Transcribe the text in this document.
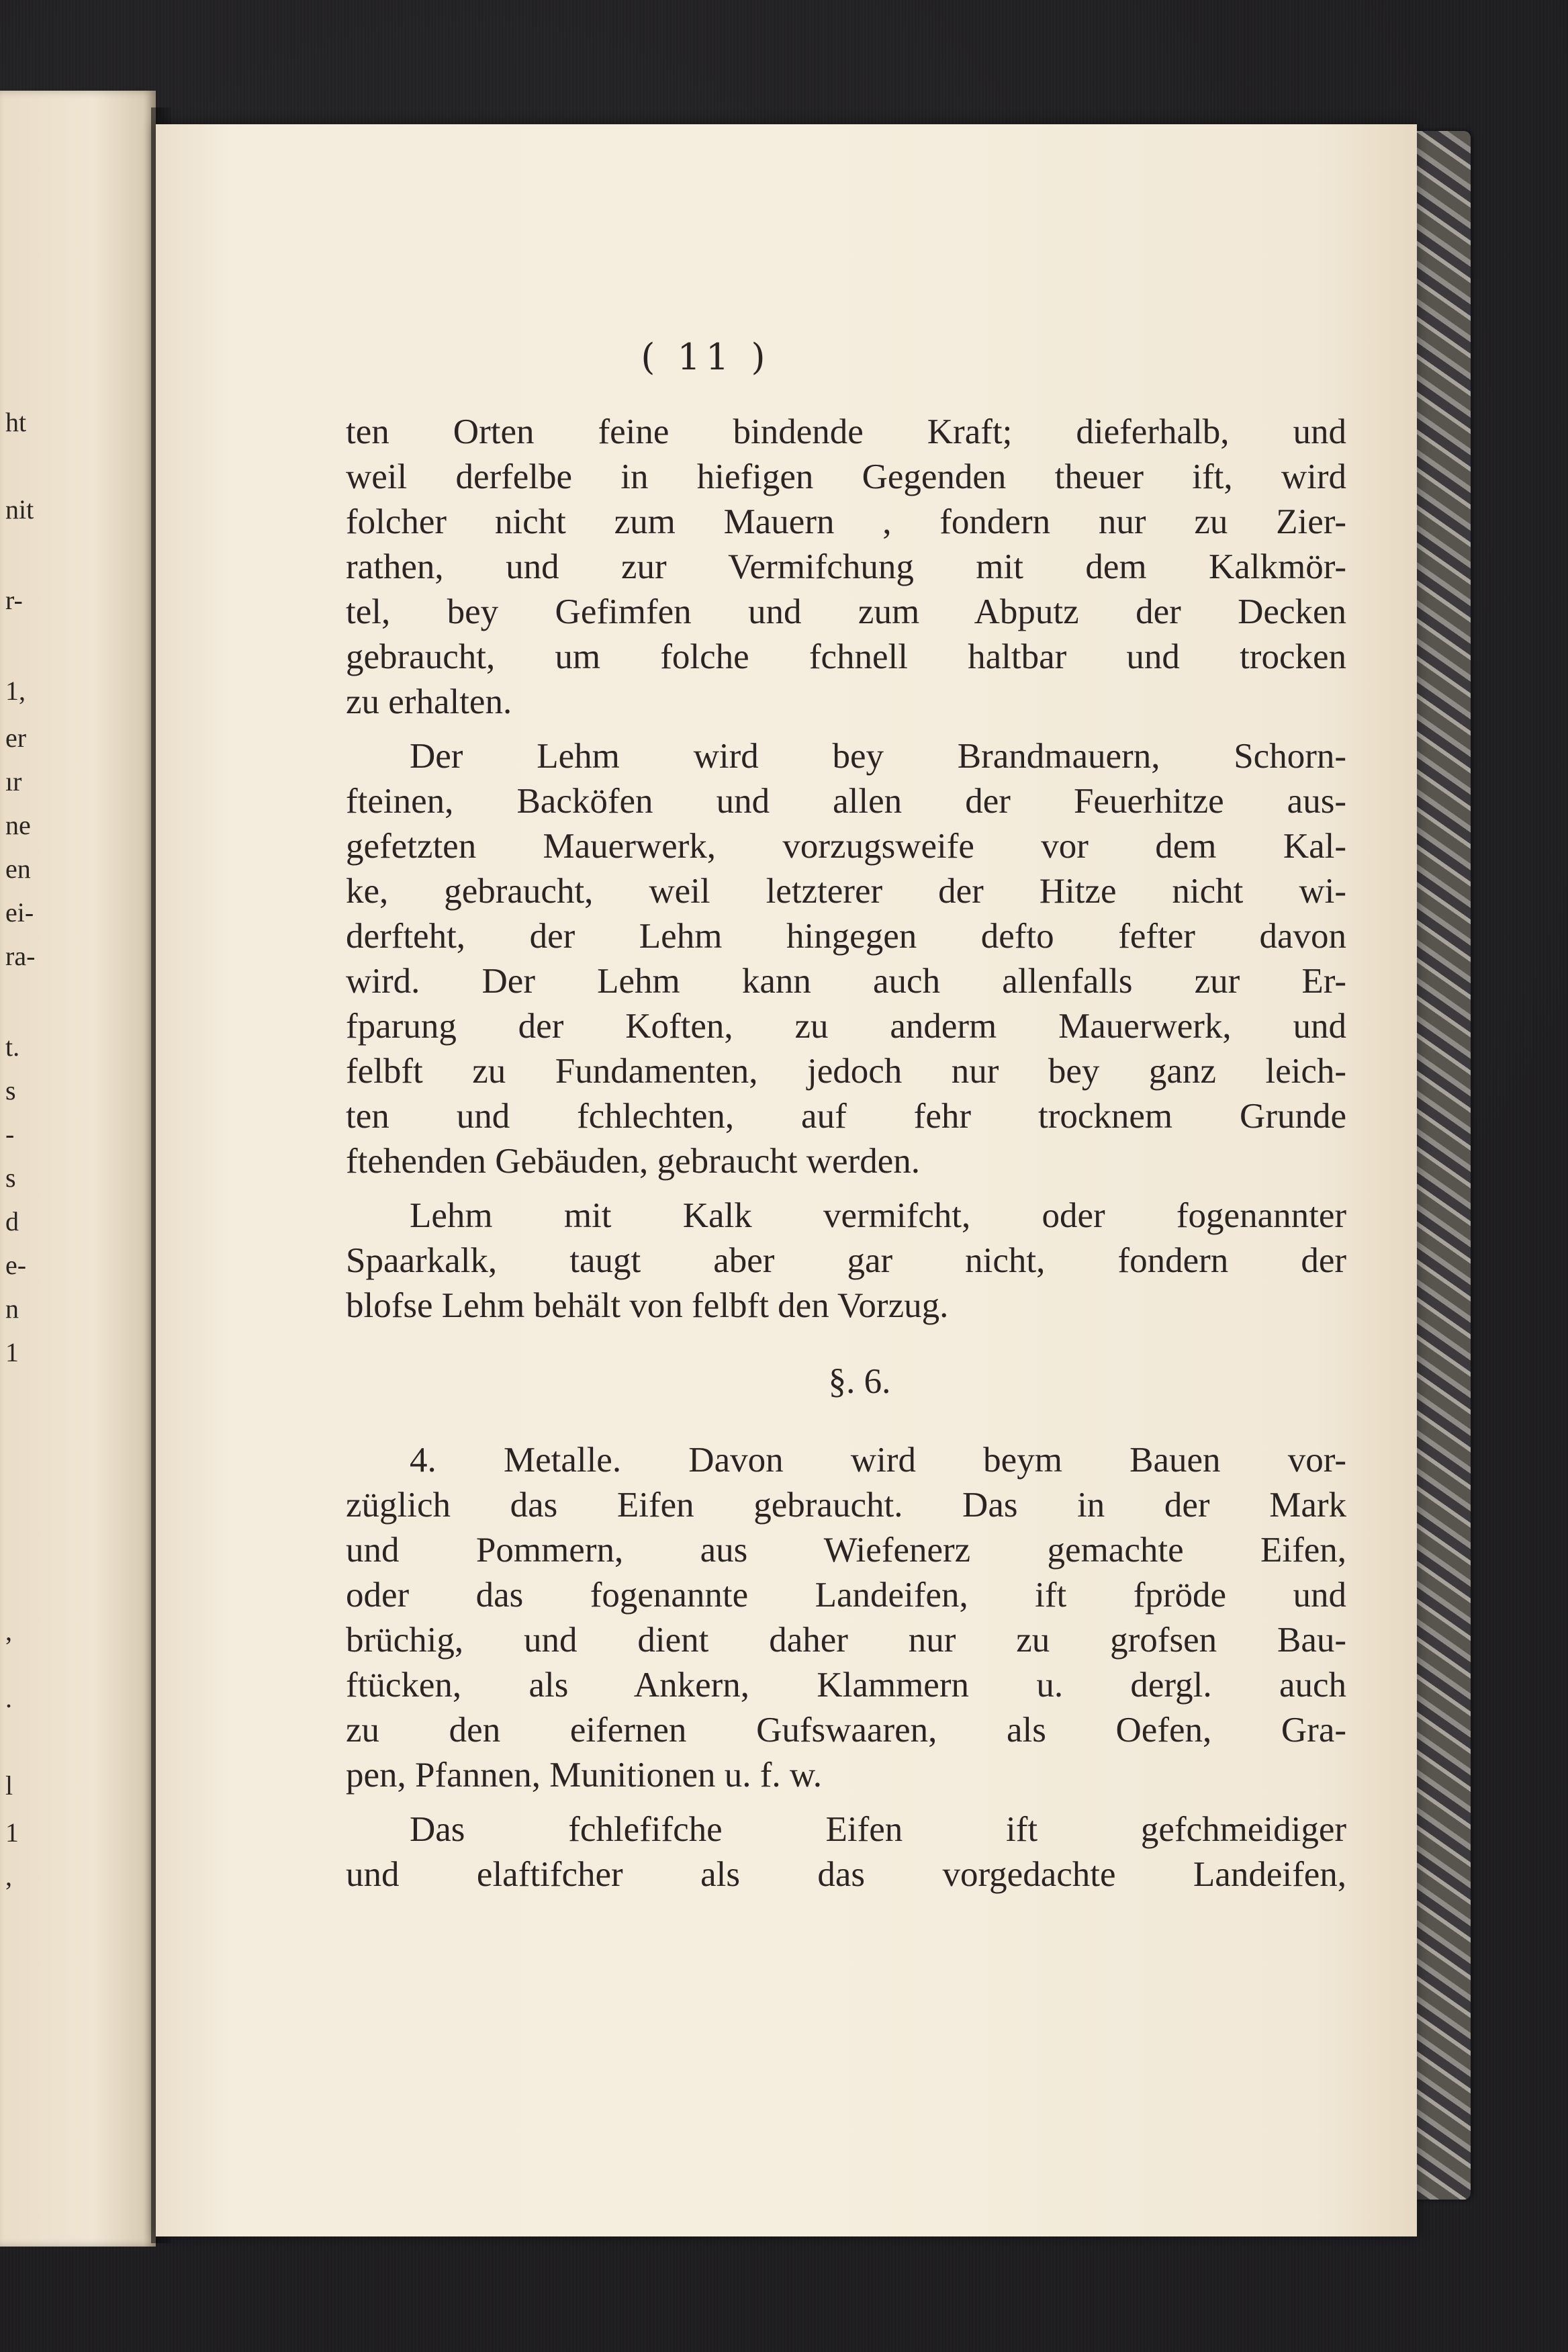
ht
nit
r-
1,
er
ır
ne
en
ei-
ra-
t.
s
-
s
d
e-
n
1
,
.
l
1
,
( 11 )
ten Orten feine bindende Kraft; dieferhalb, und
weil derfelbe in hiefigen Gegenden theuer ift, wird
folcher nicht zum Mauern , fondern nur zu Zier-
rathen, und zur Vermifchung mit dem Kalkmör-
tel, bey Gefimfen und zum Abputz der Decken
gebraucht, um folche fchnell haltbar und trocken
zu erhalten.
Der Lehm wird bey Brandmauern, Schorn-
fteinen, Backöfen und allen der Feuerhitze aus-
gefetzten Mauerwerk, vorzugsweife vor dem Kal-
ke, gebraucht, weil letzterer der Hitze nicht wi-
derfteht, der Lehm hingegen defto fefter davon
wird. Der Lehm kann auch allenfalls zur Er-
fparung der Koften, zu anderm Mauerwerk, und
felbft zu Fundamenten, jedoch nur bey ganz leich-
ten und fchlechten, auf fehr trocknem Grunde
ftehenden Gebäuden, gebraucht werden.
Lehm mit Kalk vermifcht, oder fogenannter
Spaarkalk, taugt aber gar nicht, fondern der
blofse Lehm behält von felbft den Vorzug.
§. 6.
4. Metalle. Davon wird beym Bauen vor-
züglich das Eifen gebraucht. Das in der Mark
und Pommern, aus Wiefenerz gemachte Eifen,
oder das fogenannte Landeifen, ift fpröde und
brüchig, und dient daher nur zu grofsen Bau-
ftücken, als Ankern, Klammern u. dergl. auch
zu den eifernen Gufswaaren, als Oefen, Gra-
pen, Pfannen, Munitionen u. f. w.
Das fchlefifche Eifen ift gefchmeidiger
und elaftifcher als das vorgedachte Landeifen,
